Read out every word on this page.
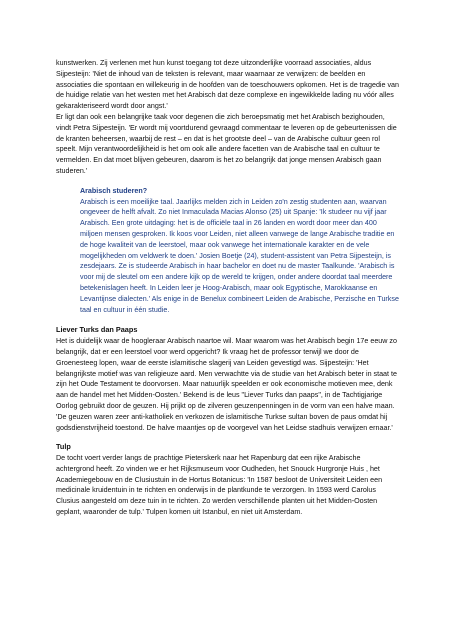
kunstwerken. Zij verlenen met hun kunst toegang tot deze uitzonderlijke voorraad associaties, aldus Sijpesteijn: 'Niet de inhoud van de teksten is relevant, maar waarnaar ze verwijzen: de beelden en associaties die spontaan en willekeurig in de hoofden van de toeschouwers opkomen. Het is de tragedie van de huidige relatie van het westen met het Arabisch dat deze complexe en ingewikkelde lading nu vóór alles gekarakteriseerd wordt door angst.'

Er ligt dan ook een belangrijke taak voor degenen die zich beroepsmatig met het Arabisch bezighouden, vindt Petra Sijpesteijn. 'Er wordt mij voortdurend gevraagd commentaar te leveren op de gebeurtenissen die de kranten beheersen, waarbij de rest – en dat is het grootste deel – van de Arabische cultuur geen rol speelt. Mijn verantwoordelijkheid is het om ook alle andere facetten van de Arabische taal en cultuur te vermelden. En dat moet blijven gebeuren, daarom is het zo belangrijk dat jonge mensen Arabisch gaan studeren.'

Arabisch studeren?

Arabisch is een moeilijke taal. Jaarlijks melden zich in Leiden zo'n zestig studenten aan, waarvan ongeveer de helft afvalt. Zo niet Inmaculada Macias Alonso (25) uit Spanje: 'Ik studeer nu vijf jaar Arabisch. Een grote uitdaging: het is de officiële taal in 26 landen en wordt door meer dan 400 miljoen mensen gesproken. Ik koos voor Leiden, niet alleen vanwege de lange Arabische traditie en de hoge kwaliteit van de leerstoel, maar ook vanwege het internationale karakter en de vele mogelijkheden om veldwerk te doen.' Josien Boetje (24), student-assistent van Petra Sijpesteijn, is zesdejaars. Ze is studeerde Arabisch in haar bachelor en doet nu de master Taalkunde. 'Arabisch is voor mij de sleutel om een andere kijk op de wereld te krijgen, onder andere doordat taal meerdere betekenislagen heeft. In Leiden leer je Hoog-Arabisch, maar ook Egyptische, Marokkaanse en Levantijnse dialecten.' Als enige in de Benelux combineert Leiden de Arabische, Perzische en Turkse taal en cultuur in één studie.

Liever Turks dan Paaps

Het is duidelijk waar de hoogleraar Arabisch naartoe wil. Maar waarom was het Arabisch begin 17e eeuw zo belangrijk, dat er een leerstoel voor werd opgericht? Ik vraag het de professor terwijl we door de Groenesteeg lopen, waar de eerste islamitische slagerij van Leiden gevestigd was. Sijpesteijn: 'Het belangrijkste motief was van religieuze aard. Men verwachtte via de studie van het Arabisch beter in staat te zijn het Oude Testament te doorvorsen. Maar natuurlijk speelden er ook economische motieven mee, denk aan de handel met het Midden-Oosten.' Bekend is de leus "Liever Turks dan paaps", in de Tachtigjarige Oorlog gebruikt door de geuzen. Hij prijkt op de zilveren geuzenpenningen in de vorm van een halve maan. 'De geuzen waren zeer anti-katholiek en verkozen de islamitische Turkse sultan boven de paus omdat hij godsdienstvrijheid toestond. De halve maantjes op de voorgevel van het Leidse stadhuis verwijzen ernaar.'

Tulp

De tocht voert verder langs de prachtige Pieterskerk naar het Rapenburg dat een rijke Arabische achtergrond heeft. Zo vinden we er het Rijksmuseum voor Oudheden, het Snouck Hurgronje Huis , het Academiegebouw en de Clusiustuin in de Hortus Botanicus: 'In 1587 besloot de Universiteit Leiden een medicinale kruidentuin in te richten en onderwijs in de plantkunde te verzorgen. In 1593 werd Carolus Clusius aangesteld om deze tuin in te richten. Zo werden verschillende planten uit het Midden-Oosten geplant, waaronder de tulp.' Tulpen komen uit Istanbul, en niet uit Amsterdam.
